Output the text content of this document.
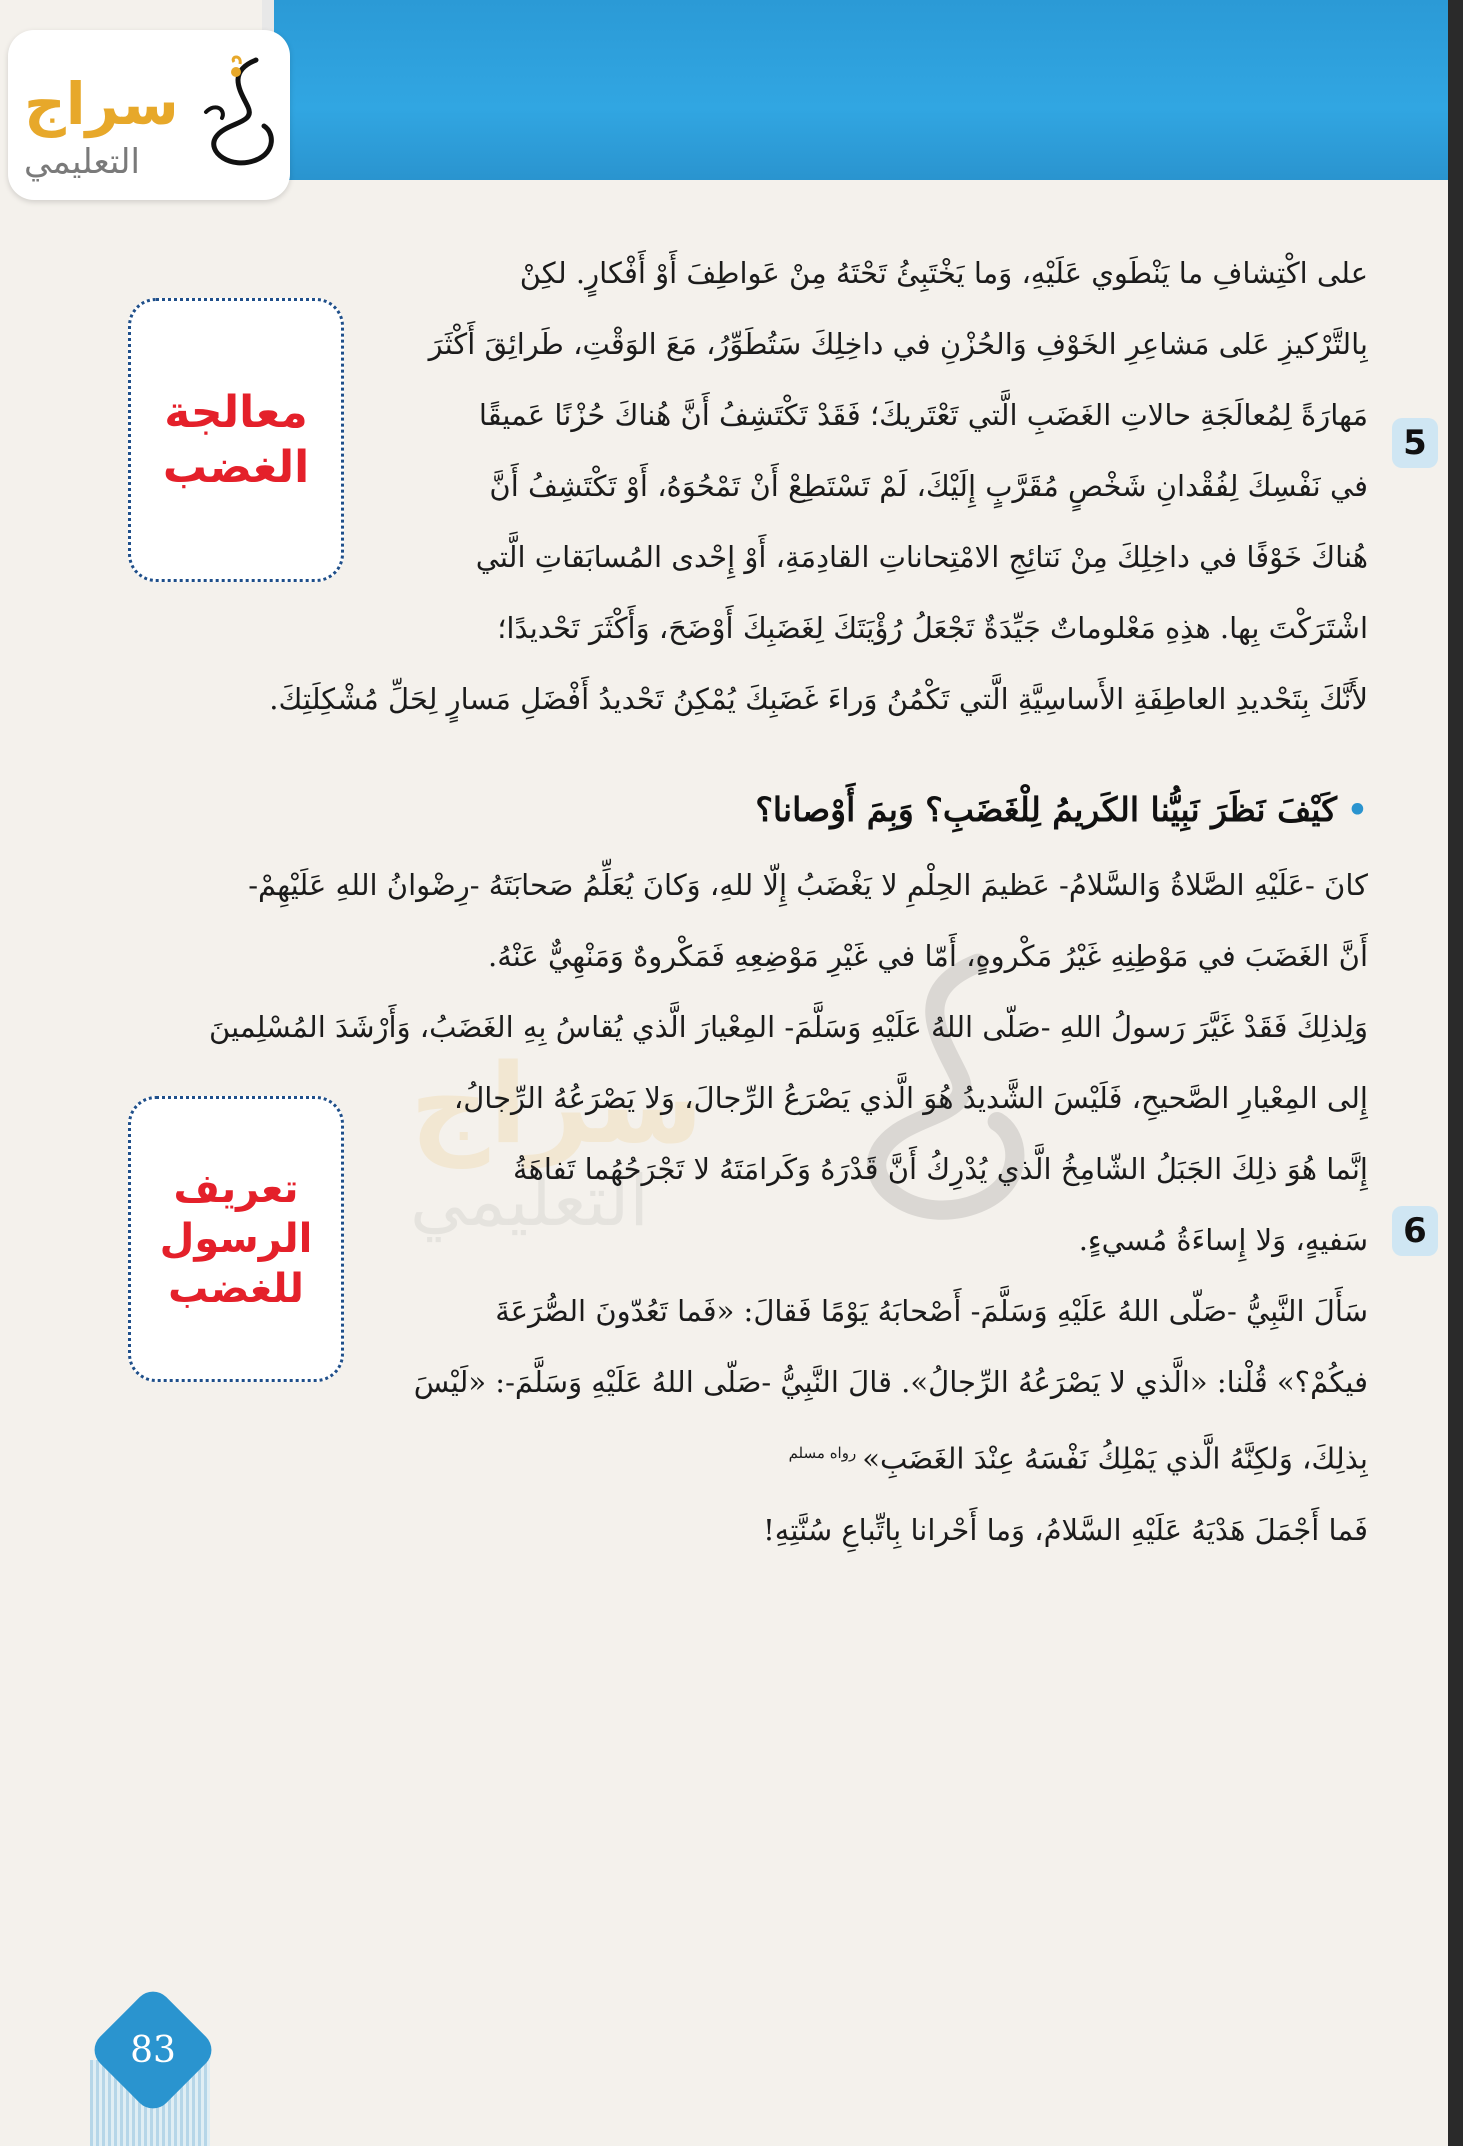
سراج
التعليمي
سراج
التعليمي
معالجة
الغضب	5
على اكْتِشافِ ما يَنْطَوي عَلَيْهِ، وَما يَخْتَبِئُ تَحْتَهُ مِنْ عَواطِفَ أَوْ أَفْكارٍ. لكِنْ
بِالتَّرْكيزِ عَلى مَشاعِرِ الخَوْفِ وَالحُزْنِ في داخِلِكَ سَتُطَوِّرُ، مَعَ الوَقْتِ، طَرائِقَ أَكْثَرَ
مَهارَةً لِمُعالَجَةِ حالاتِ الغَضَبِ الَّتي تَعْتَريكَ؛ فَقَدْ تَكْتَشِفُ أَنَّ هُناكَ حُزْنًا عَميقًا
في نَفْسِكَ لِفُقْدانِ شَخْصٍ مُقَرَّبٍ إِلَيْكَ، لَمْ تَسْتَطِعْ أَنْ تَمْحُوَهُ، أَوْ تَكْتَشِفُ أَنَّ
هُناكَ خَوْفًا في داخِلِكَ مِنْ نَتائِجِ الامْتِحاناتِ القادِمَةِ، أَوْ إِحْدى المُسابَقاتِ الَّتي
اشْتَرَكْتَ بِها. هذِهِ مَعْلوماتٌ جَيِّدَةٌ تَجْعَلُ رُؤْيَتَكَ لِغَضَبِكَ أَوْضَحَ، وَأَكْثَرَ تَحْديدًا؛
لأَنَّكَ بِتَحْديدِ العاطِفَةِ الأَساسِيَّةِ الَّتي تَكْمُنُ وَراءَ غَضَبِكَ يُمْكِنُ تَحْديدُ أَفْضَلِ مَسارٍ لِحَلِّ مُشْكِلَتِكَ.
•كَيْفَ نَظَرَ نَبِيُّنا الكَريمُ لِلْغَضَبِ؟ وَبِمَ أَوْصانا؟
تعريف
الرسول
للغضب
6
كانَ -عَلَيْهِ الصَّلاةُ وَالسَّلامُ- عَظيمَ الحِلْمِ لا يَغْضَبُ إِلّا للهِ، وَكانَ يُعَلِّمُ صَحابَتَهُ -رِضْوانُ اللهِ عَلَيْهِمْ-
أَنَّ الغَضَبَ في مَوْطِنِهِ غَيْرُ مَكْروهٍ، أَمّا في غَيْرِ مَوْضِعِهِ فَمَكْروهٌ وَمَنْهِيٌّ عَنْهُ.
وَلِذلِكَ فَقَدْ غَيَّرَ رَسولُ اللهِ -صَلّى اللهُ عَلَيْهِ وَسَلَّمَ- المِعْيارَ الَّذي يُقاسُ بِهِ الغَضَبُ، وَأَرْشَدَ المُسْلِمينَ
إِلى المِعْيارِ الصَّحيحِ، فَلَيْسَ الشَّديدُ هُوَ الَّذي يَصْرَعُ الرِّجالَ، وَلا يَصْرَعُهُ الرِّجالُ،
إِنَّما هُوَ ذلِكَ الجَبَلُ الشّامِخُ الَّذي يُدْرِكُ أَنَّ قَدْرَهُ وَكَرامَتَهُ لا تَجْرَحُهُما تَفاهَةُ
سَفيهٍ، وَلا إِساءَةُ مُسيءٍ.
سَأَلَ النَّبِيُّ -صَلّى اللهُ عَلَيْهِ وَسَلَّمَ- أَصْحابَهُ يَوْمًا فَقالَ: «فَما تَعُدّونَ الصُّرَعَةَ
فيكُمْ؟» قُلْنا: «الَّذي لا يَصْرَعُهُ الرِّجالُ». قالَ النَّبِيُّ -صَلّى اللهُ عَلَيْهِ وَسَلَّمَ-: «لَيْسَ
بِذلِكَ، وَلكِنَّهُ الَّذي يَمْلِكُ نَفْسَهُ عِنْدَ الغَضَبِ»$^{رواه مسلم}$
فَما أَجْمَلَ هَدْيَهُ عَلَيْهِ السَّلامُ، وَما أَحْرانا بِاتِّباعِ سُنَّتِهِ!
83
